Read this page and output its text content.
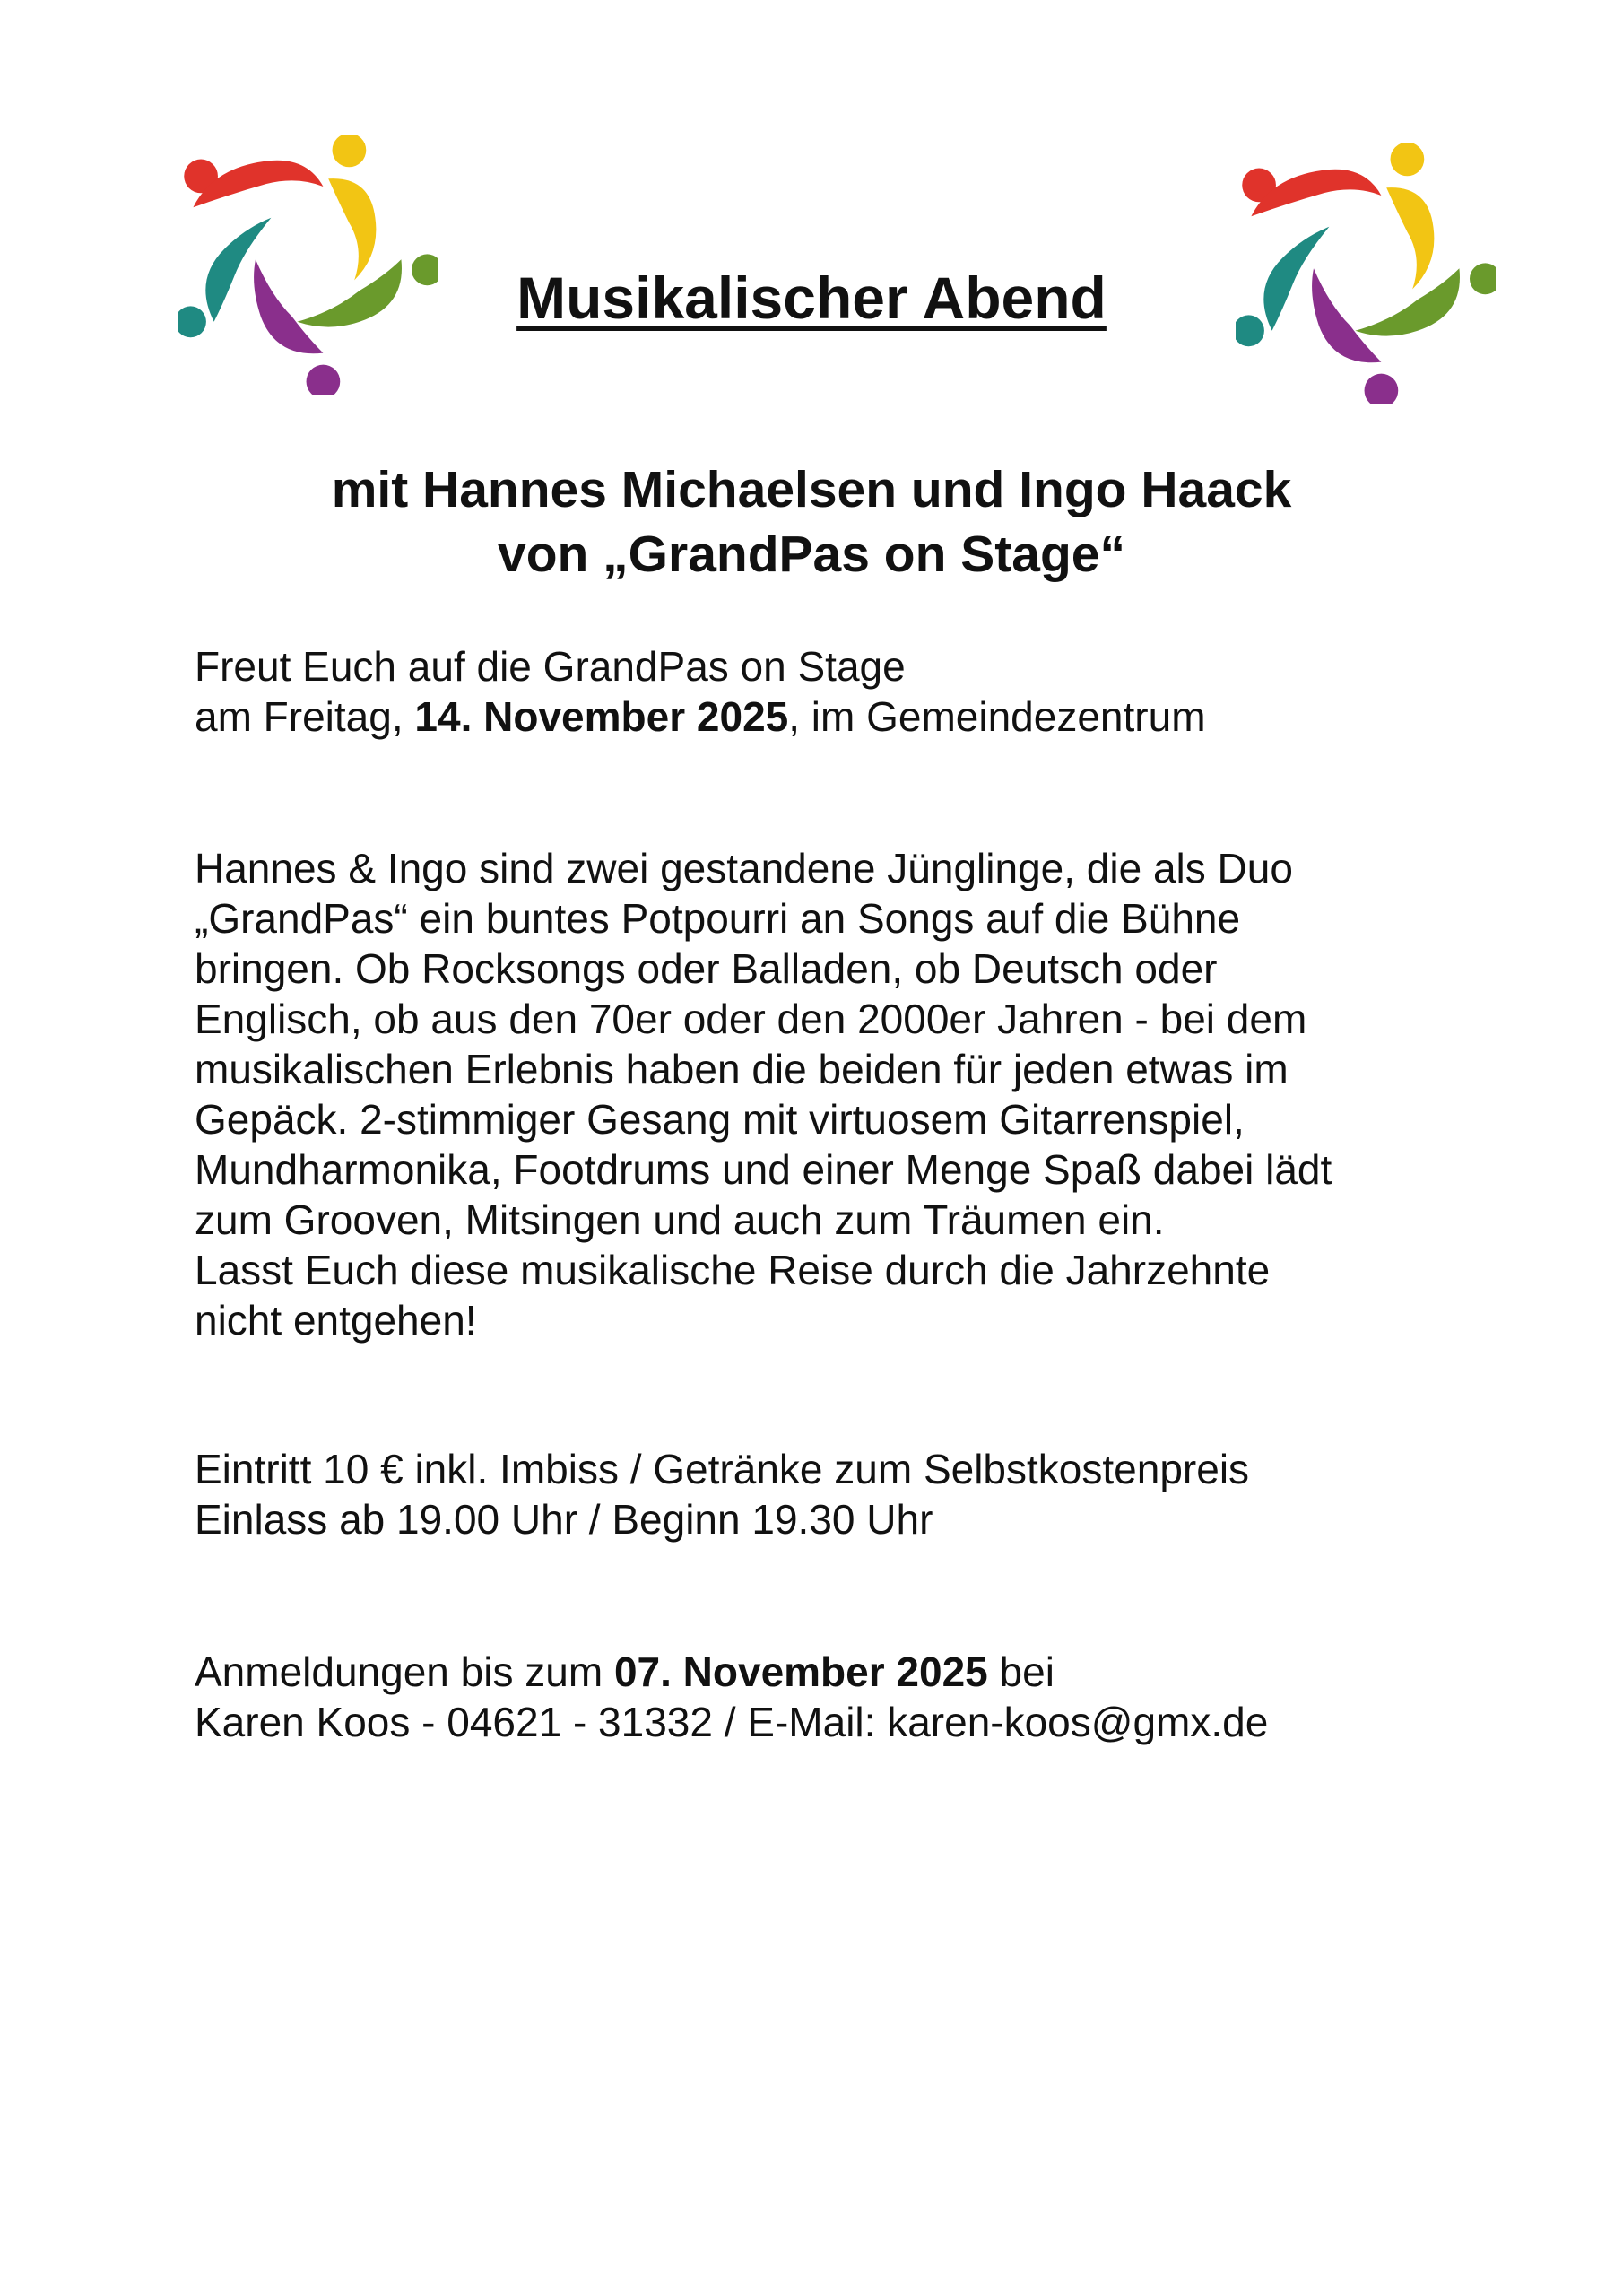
Musikalischer Abend
mit Hannes Michaelsen und Ingo Haack
von „GrandPas on Stage“
Freut Euch auf die GrandPas on Stage
am Freitag, 14. November 2025, im Gemeindezentrum
Hannes & Ingo sind zwei gestandene Jünglinge, die als Duo
„GrandPas“ ein buntes Potpourri an Songs auf die Bühne
bringen. Ob Rocksongs oder Balladen, ob Deutsch oder
Englisch, ob aus den 70er oder den 2000er Jahren - bei dem
musikalischen Erlebnis haben die beiden für jeden etwas im
Gepäck. 2-stimmiger Gesang mit virtuosem Gitarrenspiel,
Mundharmonika, Footdrums und einer Menge Spaß dabei lädt
zum Grooven, Mitsingen und auch zum Träumen ein.
Lasst Euch diese musikalische Reise durch die Jahrzehnte
nicht entgehen!
Eintritt 10 € inkl. Imbiss / Getränke zum Selbstkostenpreis
Einlass ab 19.00 Uhr / Beginn 19.30 Uhr
Anmeldungen bis zum 07. November 2025 bei
Karen Koos - 04621 - 31332 / E-Mail: karen-koos@gmx.de
